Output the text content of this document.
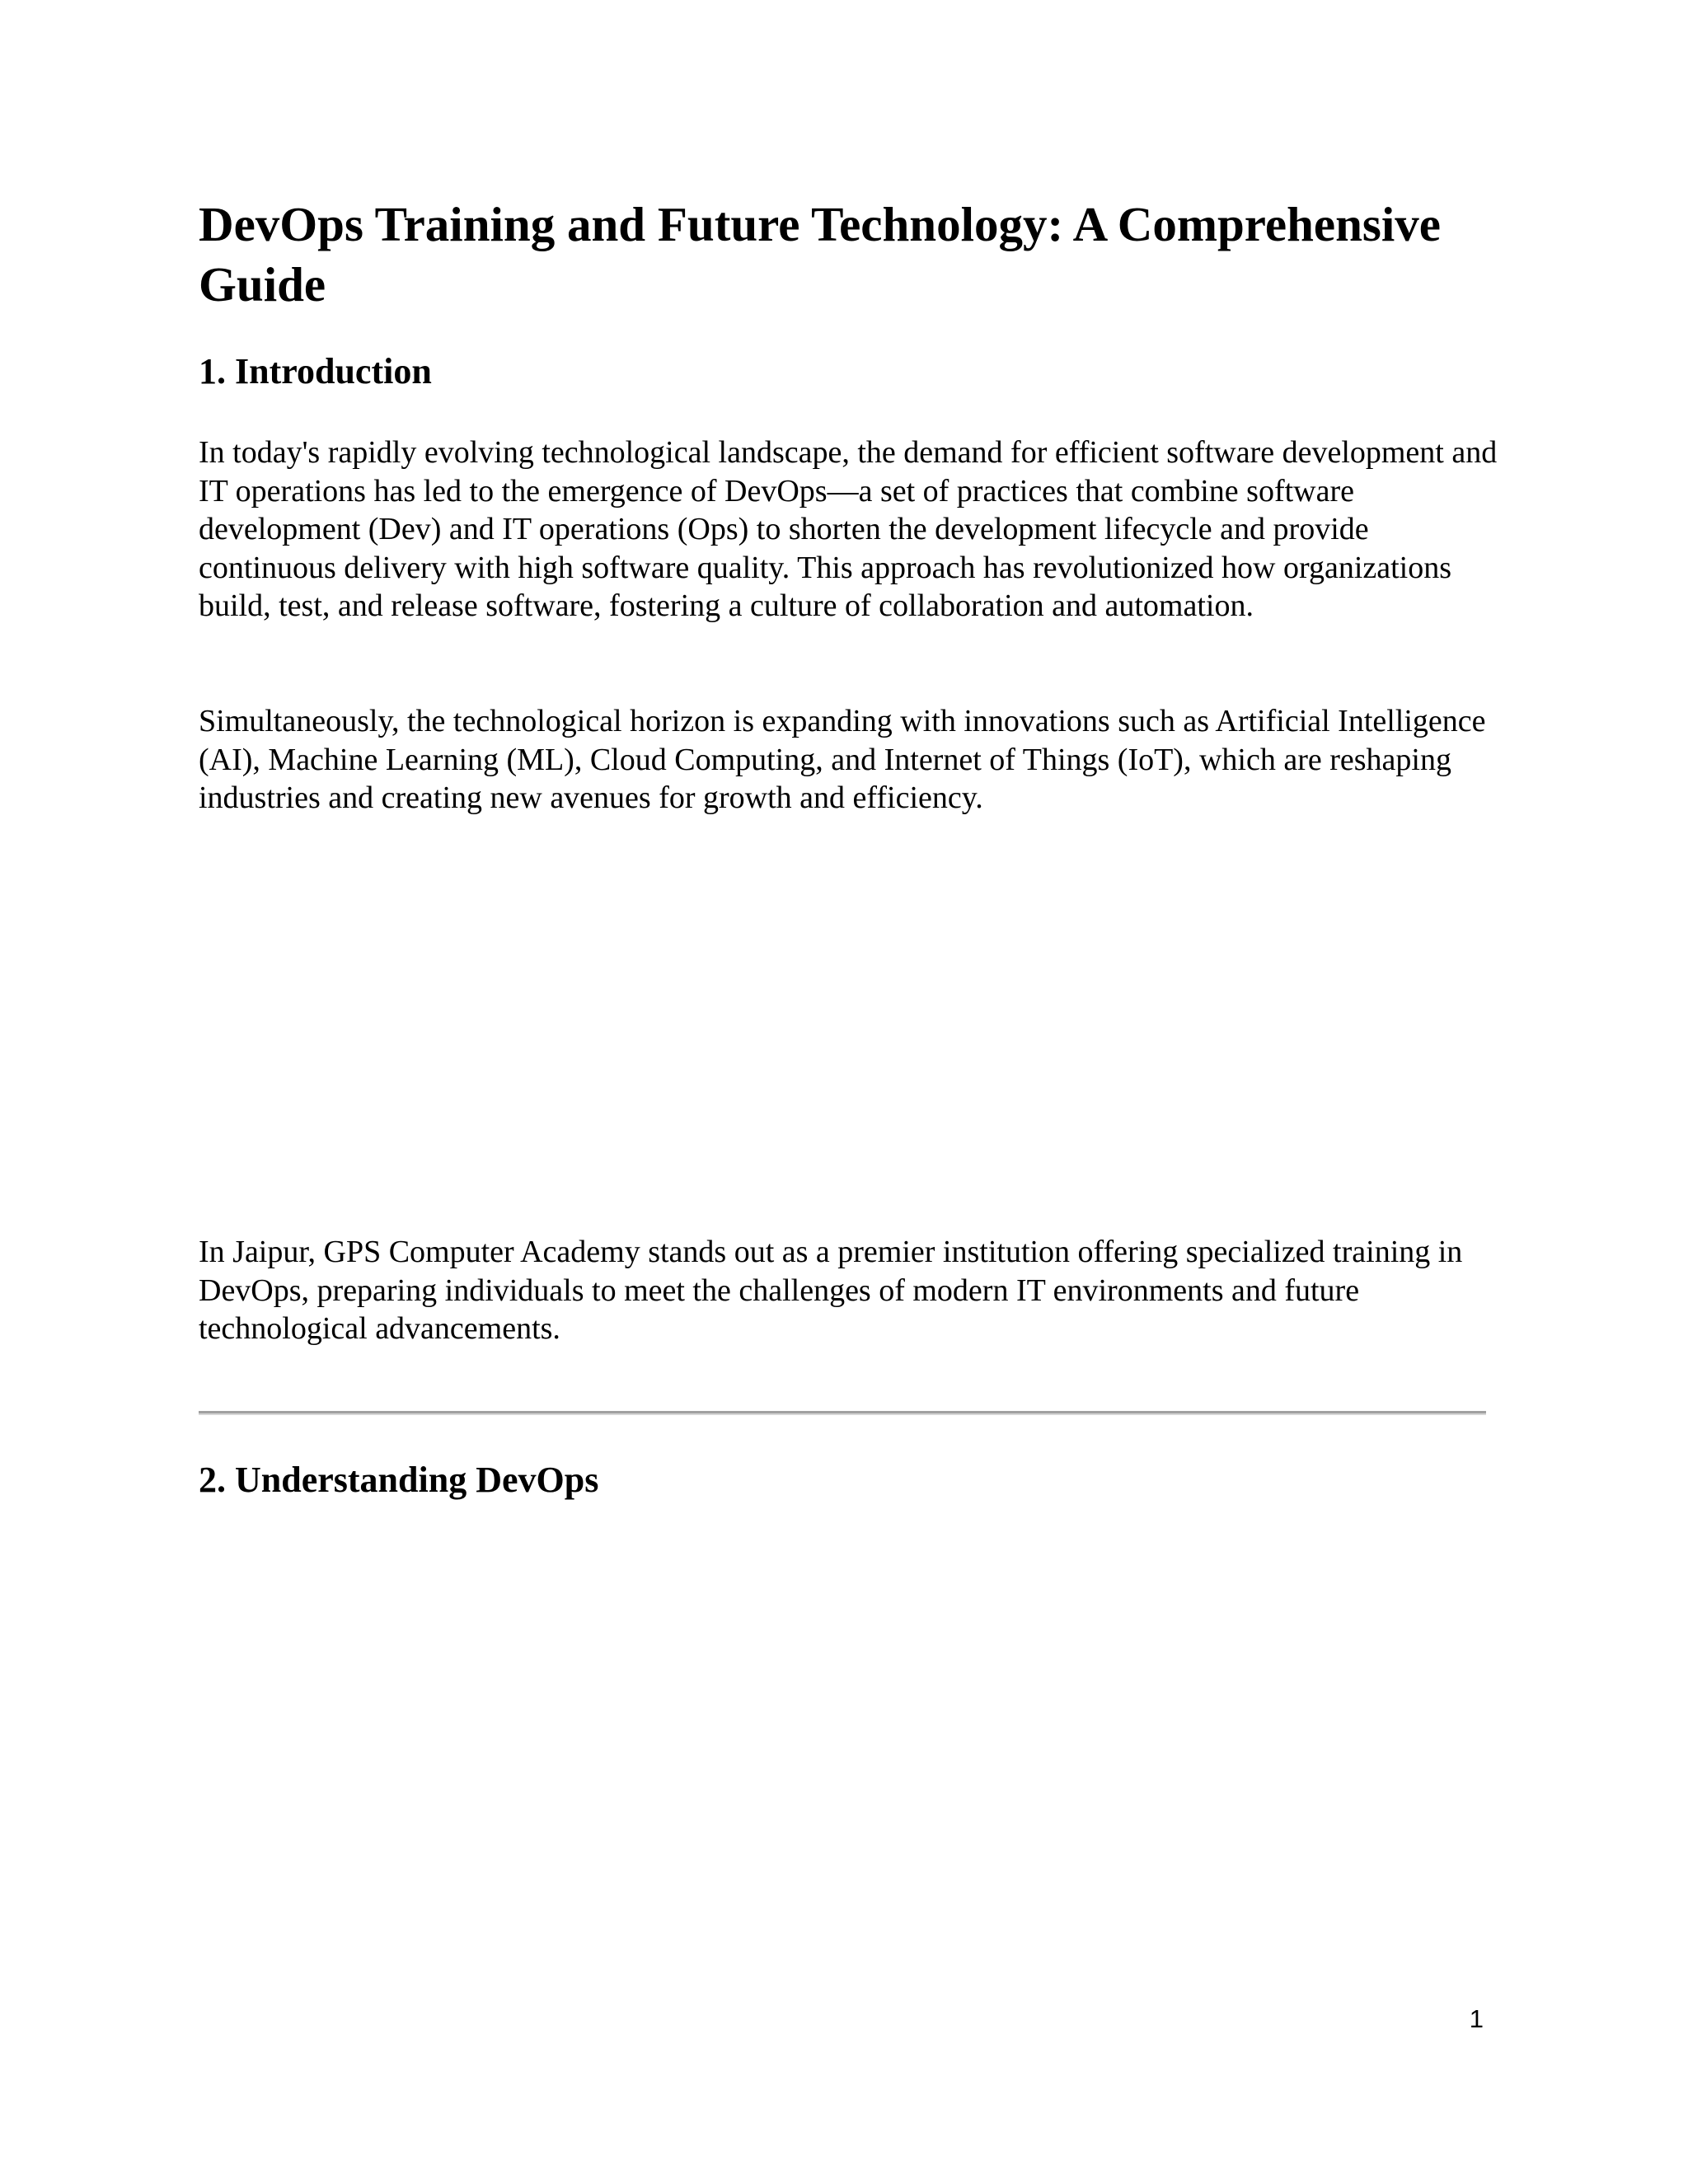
DevOps Training and Future Technology: A Comprehensive Guide
1. Introduction

In today's rapidly evolving technological landscape, the demand for efficient software development and IT operations has led to the emergence of DevOps—a set of practices that combine software development (Dev) and IT operations (Ops) to shorten the development lifecycle and provide continuous delivery with high software quality. This approach has revolutionized how organizations build, test, and release software, fostering a culture of collaboration and automation.

Simultaneously, the technological horizon is expanding with innovations such as Artificial Intelligence (AI), Machine Learning (ML), Cloud Computing, and Internet of Things (IoT), which are reshaping industries and creating new avenues for growth and efficiency.

In Jaipur, GPS Computer Academy stands out as a premier institution offering specialized training in DevOps, preparing individuals to meet the challenges of modern IT environments and future technological advancements.

2. Understanding DevOps
1
